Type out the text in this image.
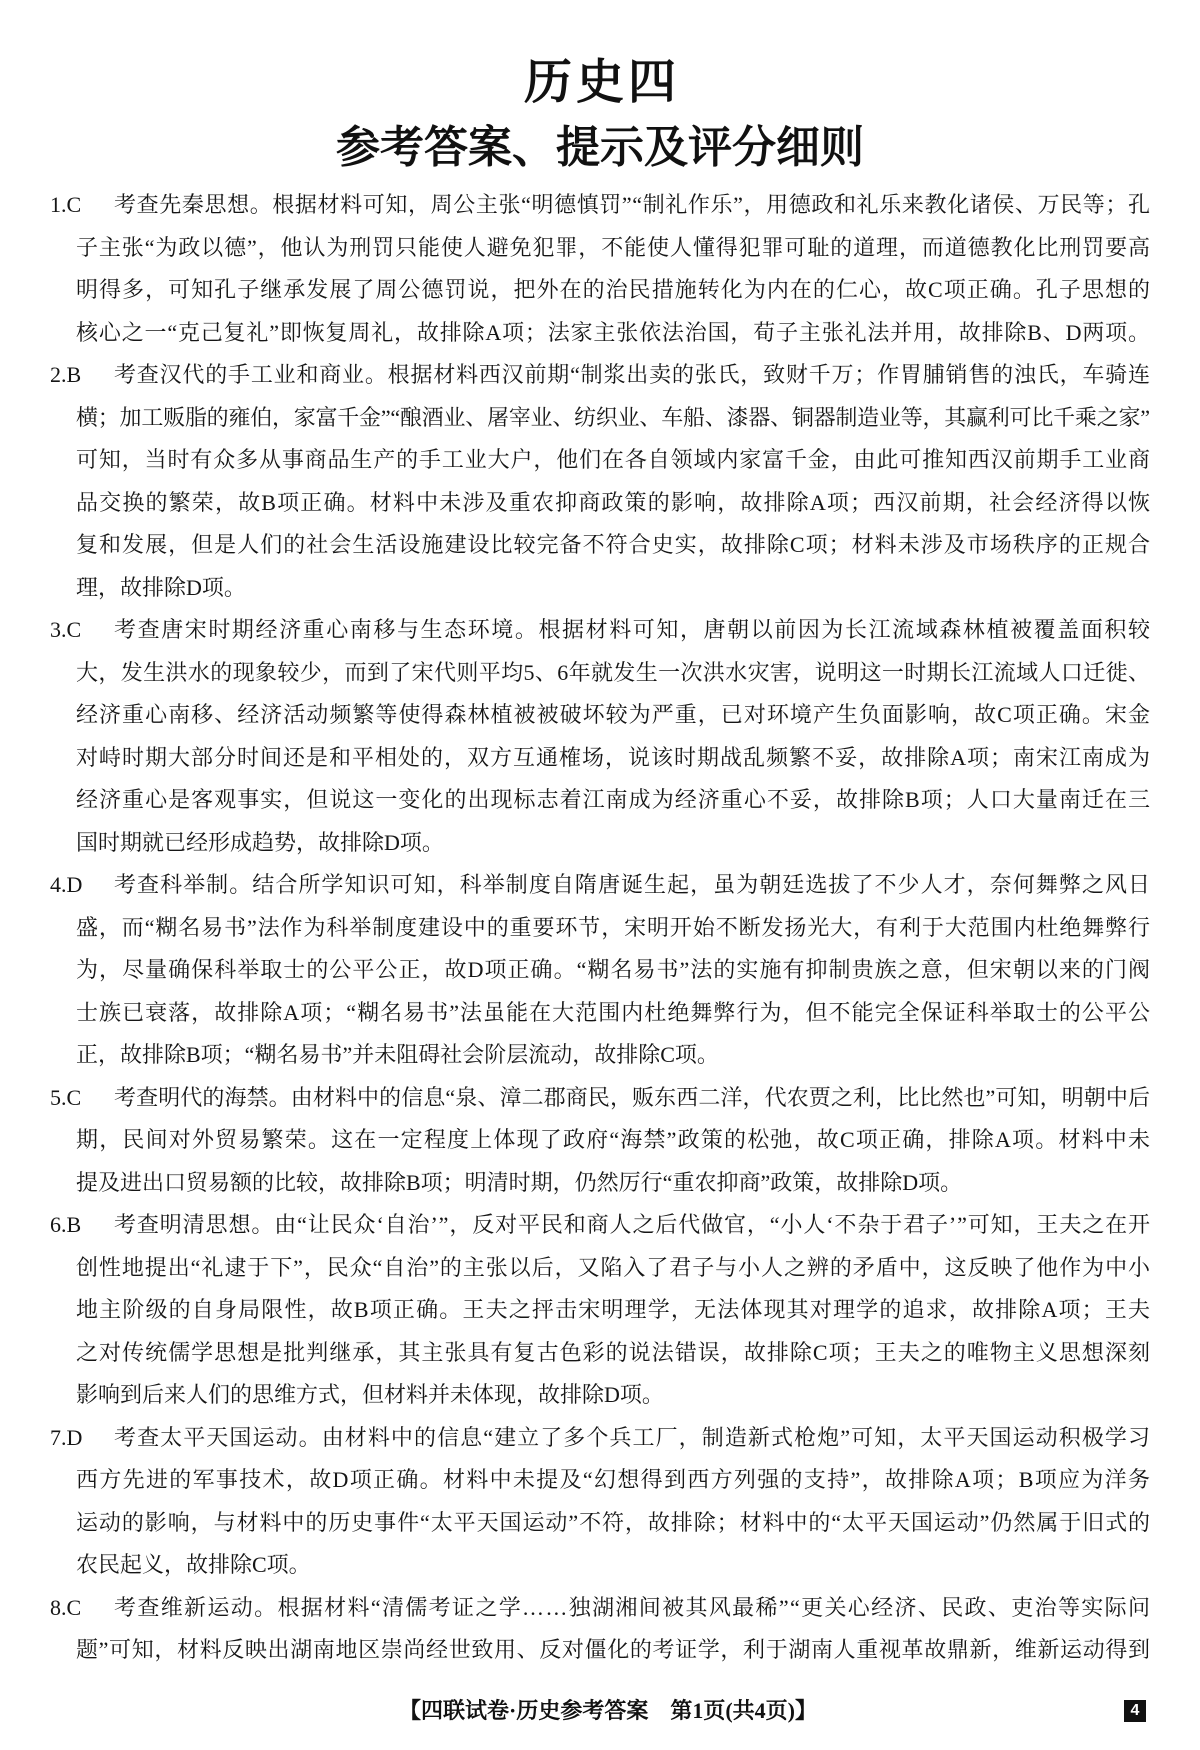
历史四
参考答案、提示及评分细则
1.C	考查先秦思想。根据材料可知，周公主张“明德慎罚”“制礼作乐”，用德政和礼乐来教化诸侯、万民等；孔
子主张“为政以德”，他认为刑罚只能使人避免犯罪，不能使人懂得犯罪可耻的道理，而道德教化比刑罚要高
明得多，可知孔子继承发展了周公德罚说，把外在的治民措施转化为内在的仁心，故C项正确。孔子思想的
核心之一“克己复礼”即恢复周礼，故排除A项；法家主张依法治国，荀子主张礼法并用，故排除B、D两项。
2.B	考查汉代的手工业和商业。根据材料西汉前期“制浆出卖的张氏，致财千万；作胃脯销售的浊氏，车骑连
横；加工贩脂的雍伯，家富千金”“酿酒业、屠宰业、纺织业、车船、漆器、铜器制造业等，其赢利可比千乘之家”
可知，当时有众多从事商品生产的手工业大户，他们在各自领域内家富千金，由此可推知西汉前期手工业商
品交换的繁荣，故B项正确。材料中未涉及重农抑商政策的影响，故排除A项；西汉前期，社会经济得以恢
复和发展，但是人们的社会生活设施建设比较完备不符合史实，故排除C项；材料未涉及市场秩序的正规合
理，故排除D项。
3.C	考查唐宋时期经济重心南移与生态环境。根据材料可知，唐朝以前因为长江流域森林植被覆盖面积较
大，发生洪水的现象较少，而到了宋代则平均5、6年就发生一次洪水灾害，说明这一时期长江流域人口迁徙、
经济重心南移、经济活动频繁等使得森林植被被破坏较为严重，已对环境产生负面影响，故C项正确。宋金
对峙时期大部分时间还是和平相处的，双方互通榷场，说该时期战乱频繁不妥，故排除A项；南宋江南成为
经济重心是客观事实，但说这一变化的出现标志着江南成为经济重心不妥，故排除B项；人口大量南迁在三
国时期就已经形成趋势，故排除D项。
4.D	考查科举制。结合所学知识可知，科举制度自隋唐诞生起，虽为朝廷选拔了不少人才，奈何舞弊之风日
盛，而“糊名易书”法作为科举制度建设中的重要环节，宋明开始不断发扬光大，有利于大范围内杜绝舞弊行
为，尽量确保科举取士的公平公正，故D项正确。“糊名易书”法的实施有抑制贵族之意，但宋朝以来的门阀
士族已衰落，故排除A项；“糊名易书”法虽能在大范围内杜绝舞弊行为，但不能完全保证科举取士的公平公
正，故排除B项；“糊名易书”并未阻碍社会阶层流动，故排除C项。
5.C	考查明代的海禁。由材料中的信息“泉、漳二郡商民，贩东西二洋，代农贾之利，比比然也”可知，明朝中后
期，民间对外贸易繁荣。这在一定程度上体现了政府“海禁”政策的松弛，故C项正确，排除A项。材料中未
提及进出口贸易额的比较，故排除B项；明清时期，仍然厉行“重农抑商”政策，故排除D项。
6.B	考查明清思想。由“让民众‘自治’”，反对平民和商人之后代做官，“小人‘不杂于君子’”可知，王夫之在开
创性地提出“礼逮于下”，民众“自治”的主张以后，又陷入了君子与小人之辨的矛盾中，这反映了他作为中小
地主阶级的自身局限性，故B项正确。王夫之抨击宋明理学，无法体现其对理学的追求，故排除A项；王夫
之对传统儒学思想是批判继承，其主张具有复古色彩的说法错误，故排除C项；王夫之的唯物主义思想深刻
影响到后来人们的思维方式，但材料并未体现，故排除D项。
7.D	考查太平天国运动。由材料中的信息“建立了多个兵工厂，制造新式枪炮”可知，太平天国运动积极学习
西方先进的军事技术，故D项正确。材料中未提及“幻想得到西方列强的支持”，故排除A项；B项应为洋务
运动的影响，与材料中的历史事件“太平天国运动”不符，故排除；材料中的“太平天国运动”仍然属于旧式的
农民起义，故排除C项。
8.C	考查维新运动。根据材料“清儒考证之学……独湖湘间被其风最稀”“更关心经济、民政、吏治等实际问
题”可知，材料反映出湖南地区崇尚经世致用、反对僵化的考证学，利于湖南人重视革故鼎新，维新运动得到
【四联试卷·历史参考答案　第1页(共4页)】	4
